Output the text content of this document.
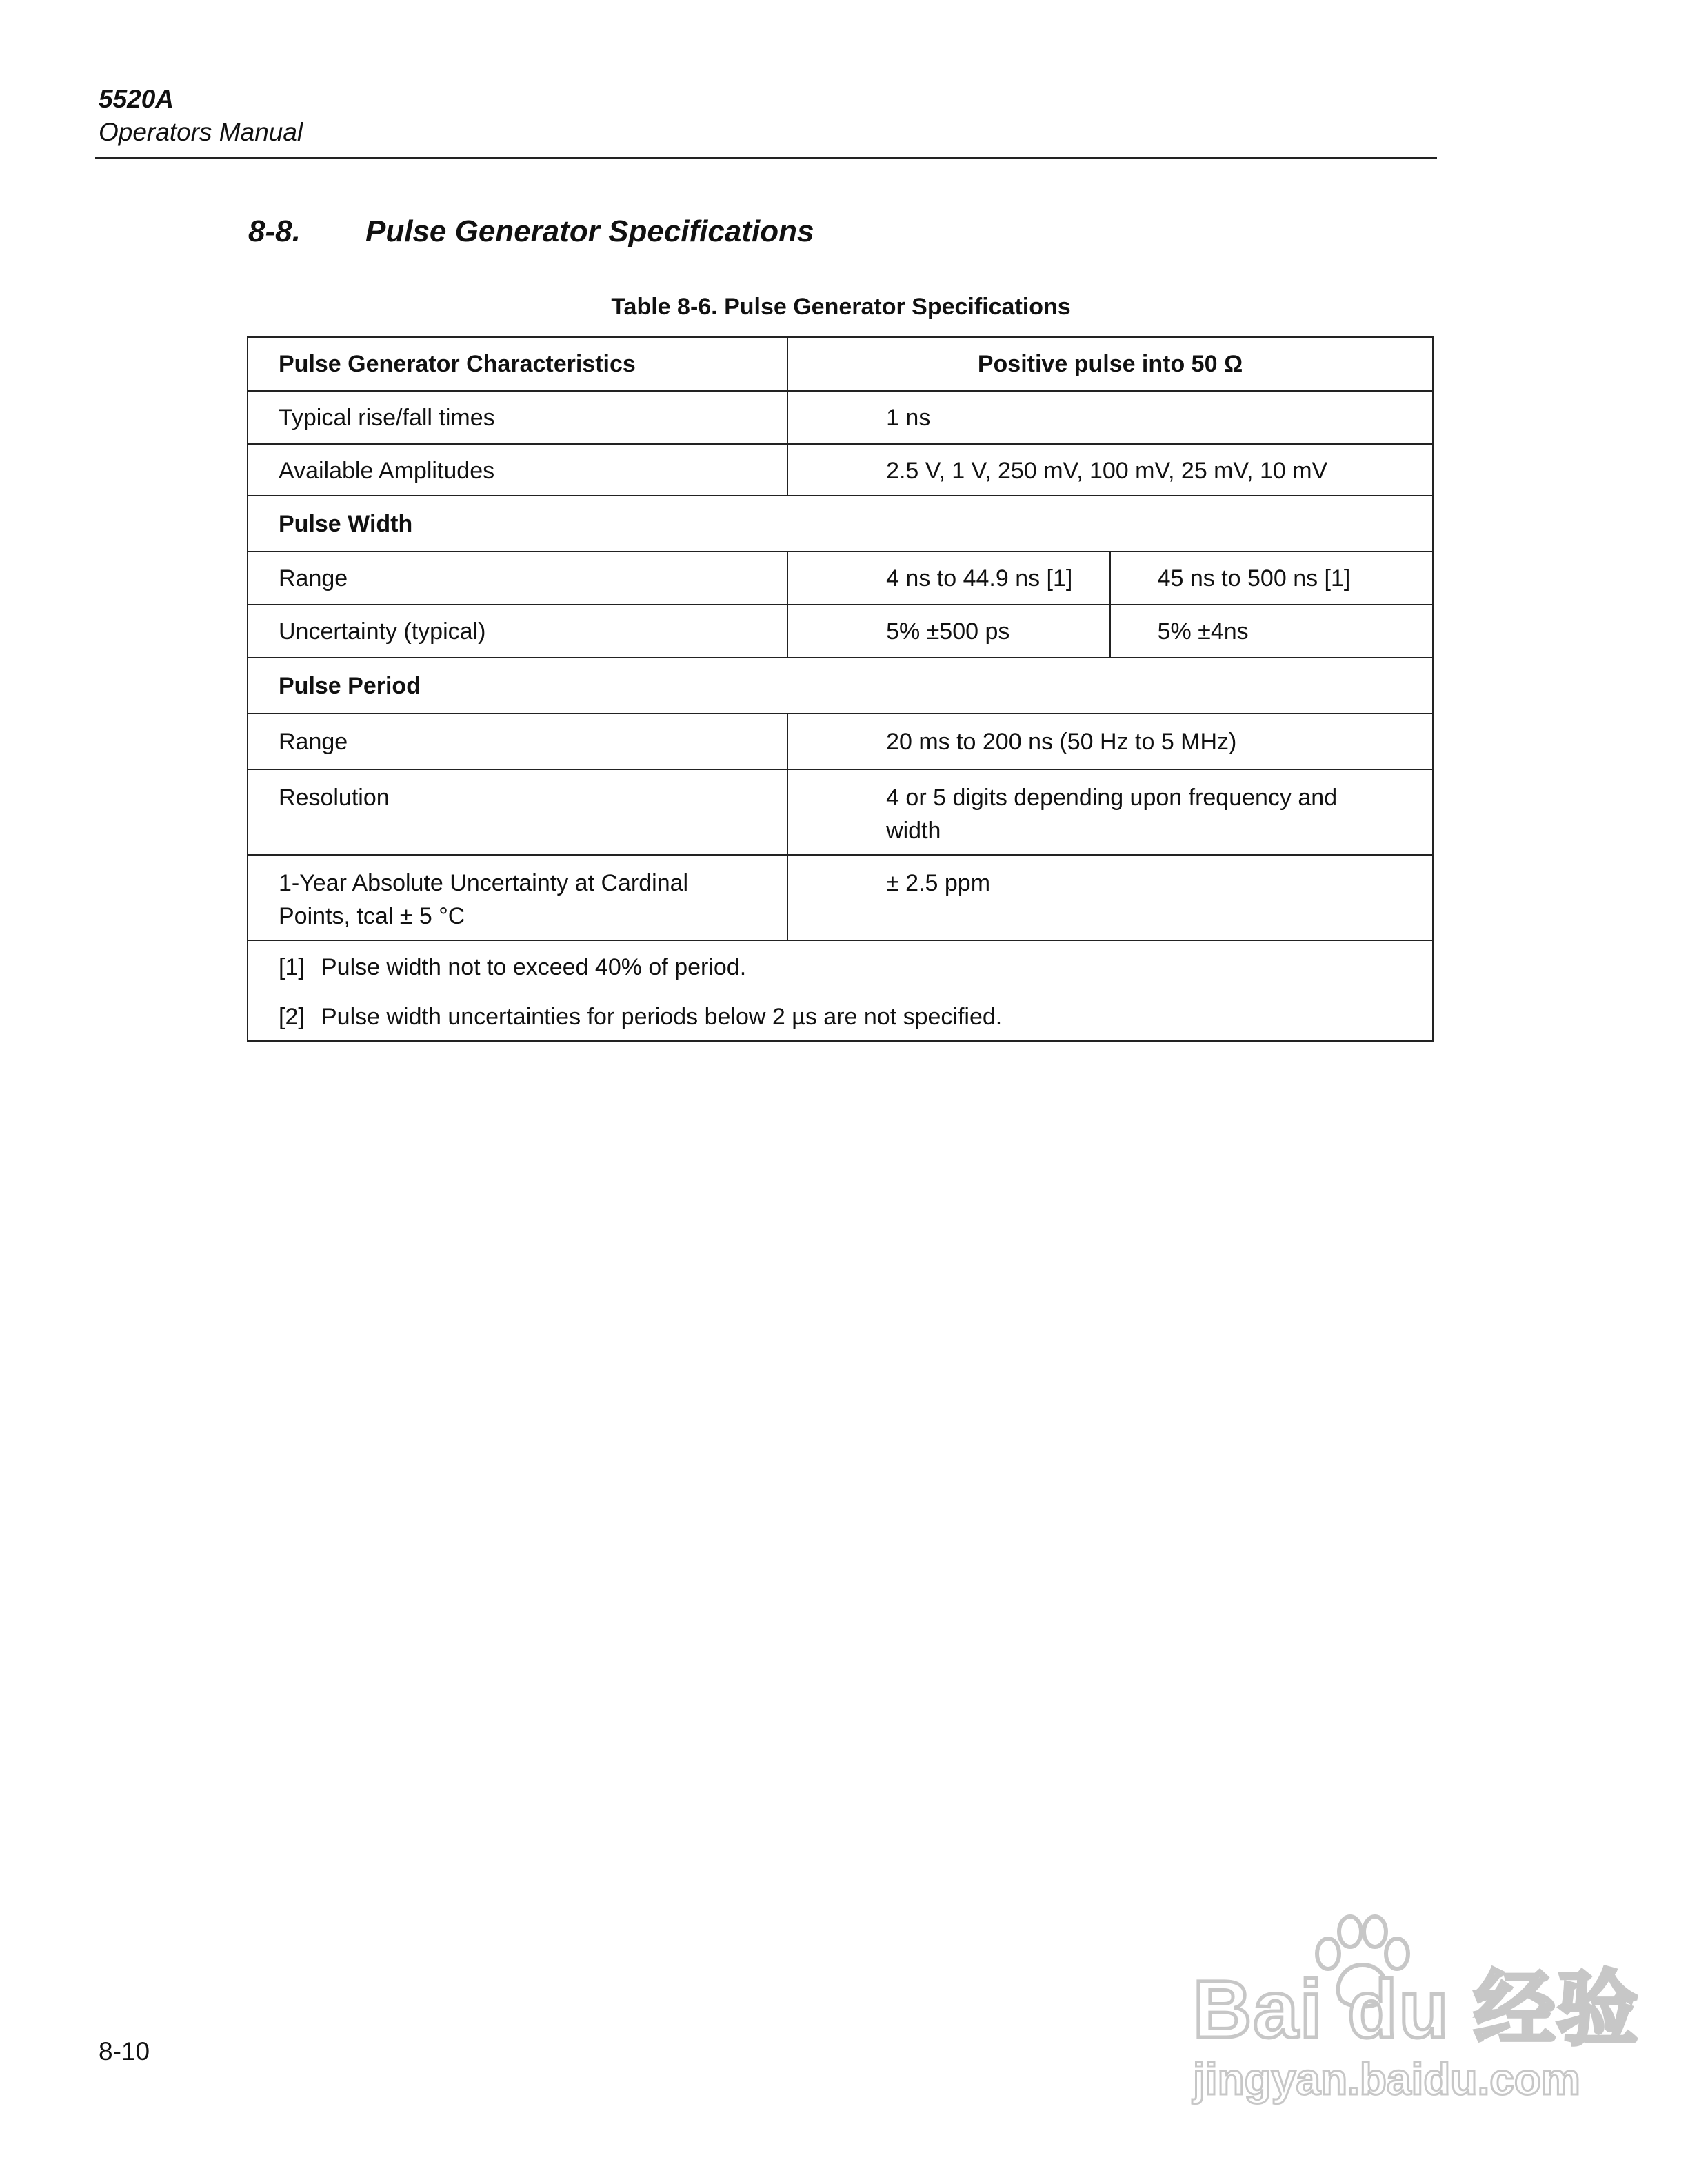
5520A
Operators Manual
8-8. Pulse Generator Specifications
Table 8-6. Pulse Generator Specifications
Pulse Generator Characteristics	Positive pulse into 50 Ω	
Typical rise/fall times	1 ns	
Available Amplitudes	2.5 V, 1 V, 250 mV, 100 mV, 25 mV, 10 mV	
Pulse Width		
Range	4 ns to 44.9 ns [1]	45 ns to 500 ns [1]
Uncertainty (typical)	5% ±500 ps	5% ±4ns
Pulse Period		
Range	20 ms to 200 ns (50 Hz to 5 MHz)	
Resolution	4 or 5 digits depending upon frequency and
width	

1-Year Absolute Uncertainty at Cardinal
Points, tcal ± 5 °C	± 2.5 ppm	

[1] Pulse width not to exceed 40% of period.
[2] Pulse width uncertainties for periods below 2 µs are not specified.		
8-10	Bai du 经验
jingyan.baidu.com
